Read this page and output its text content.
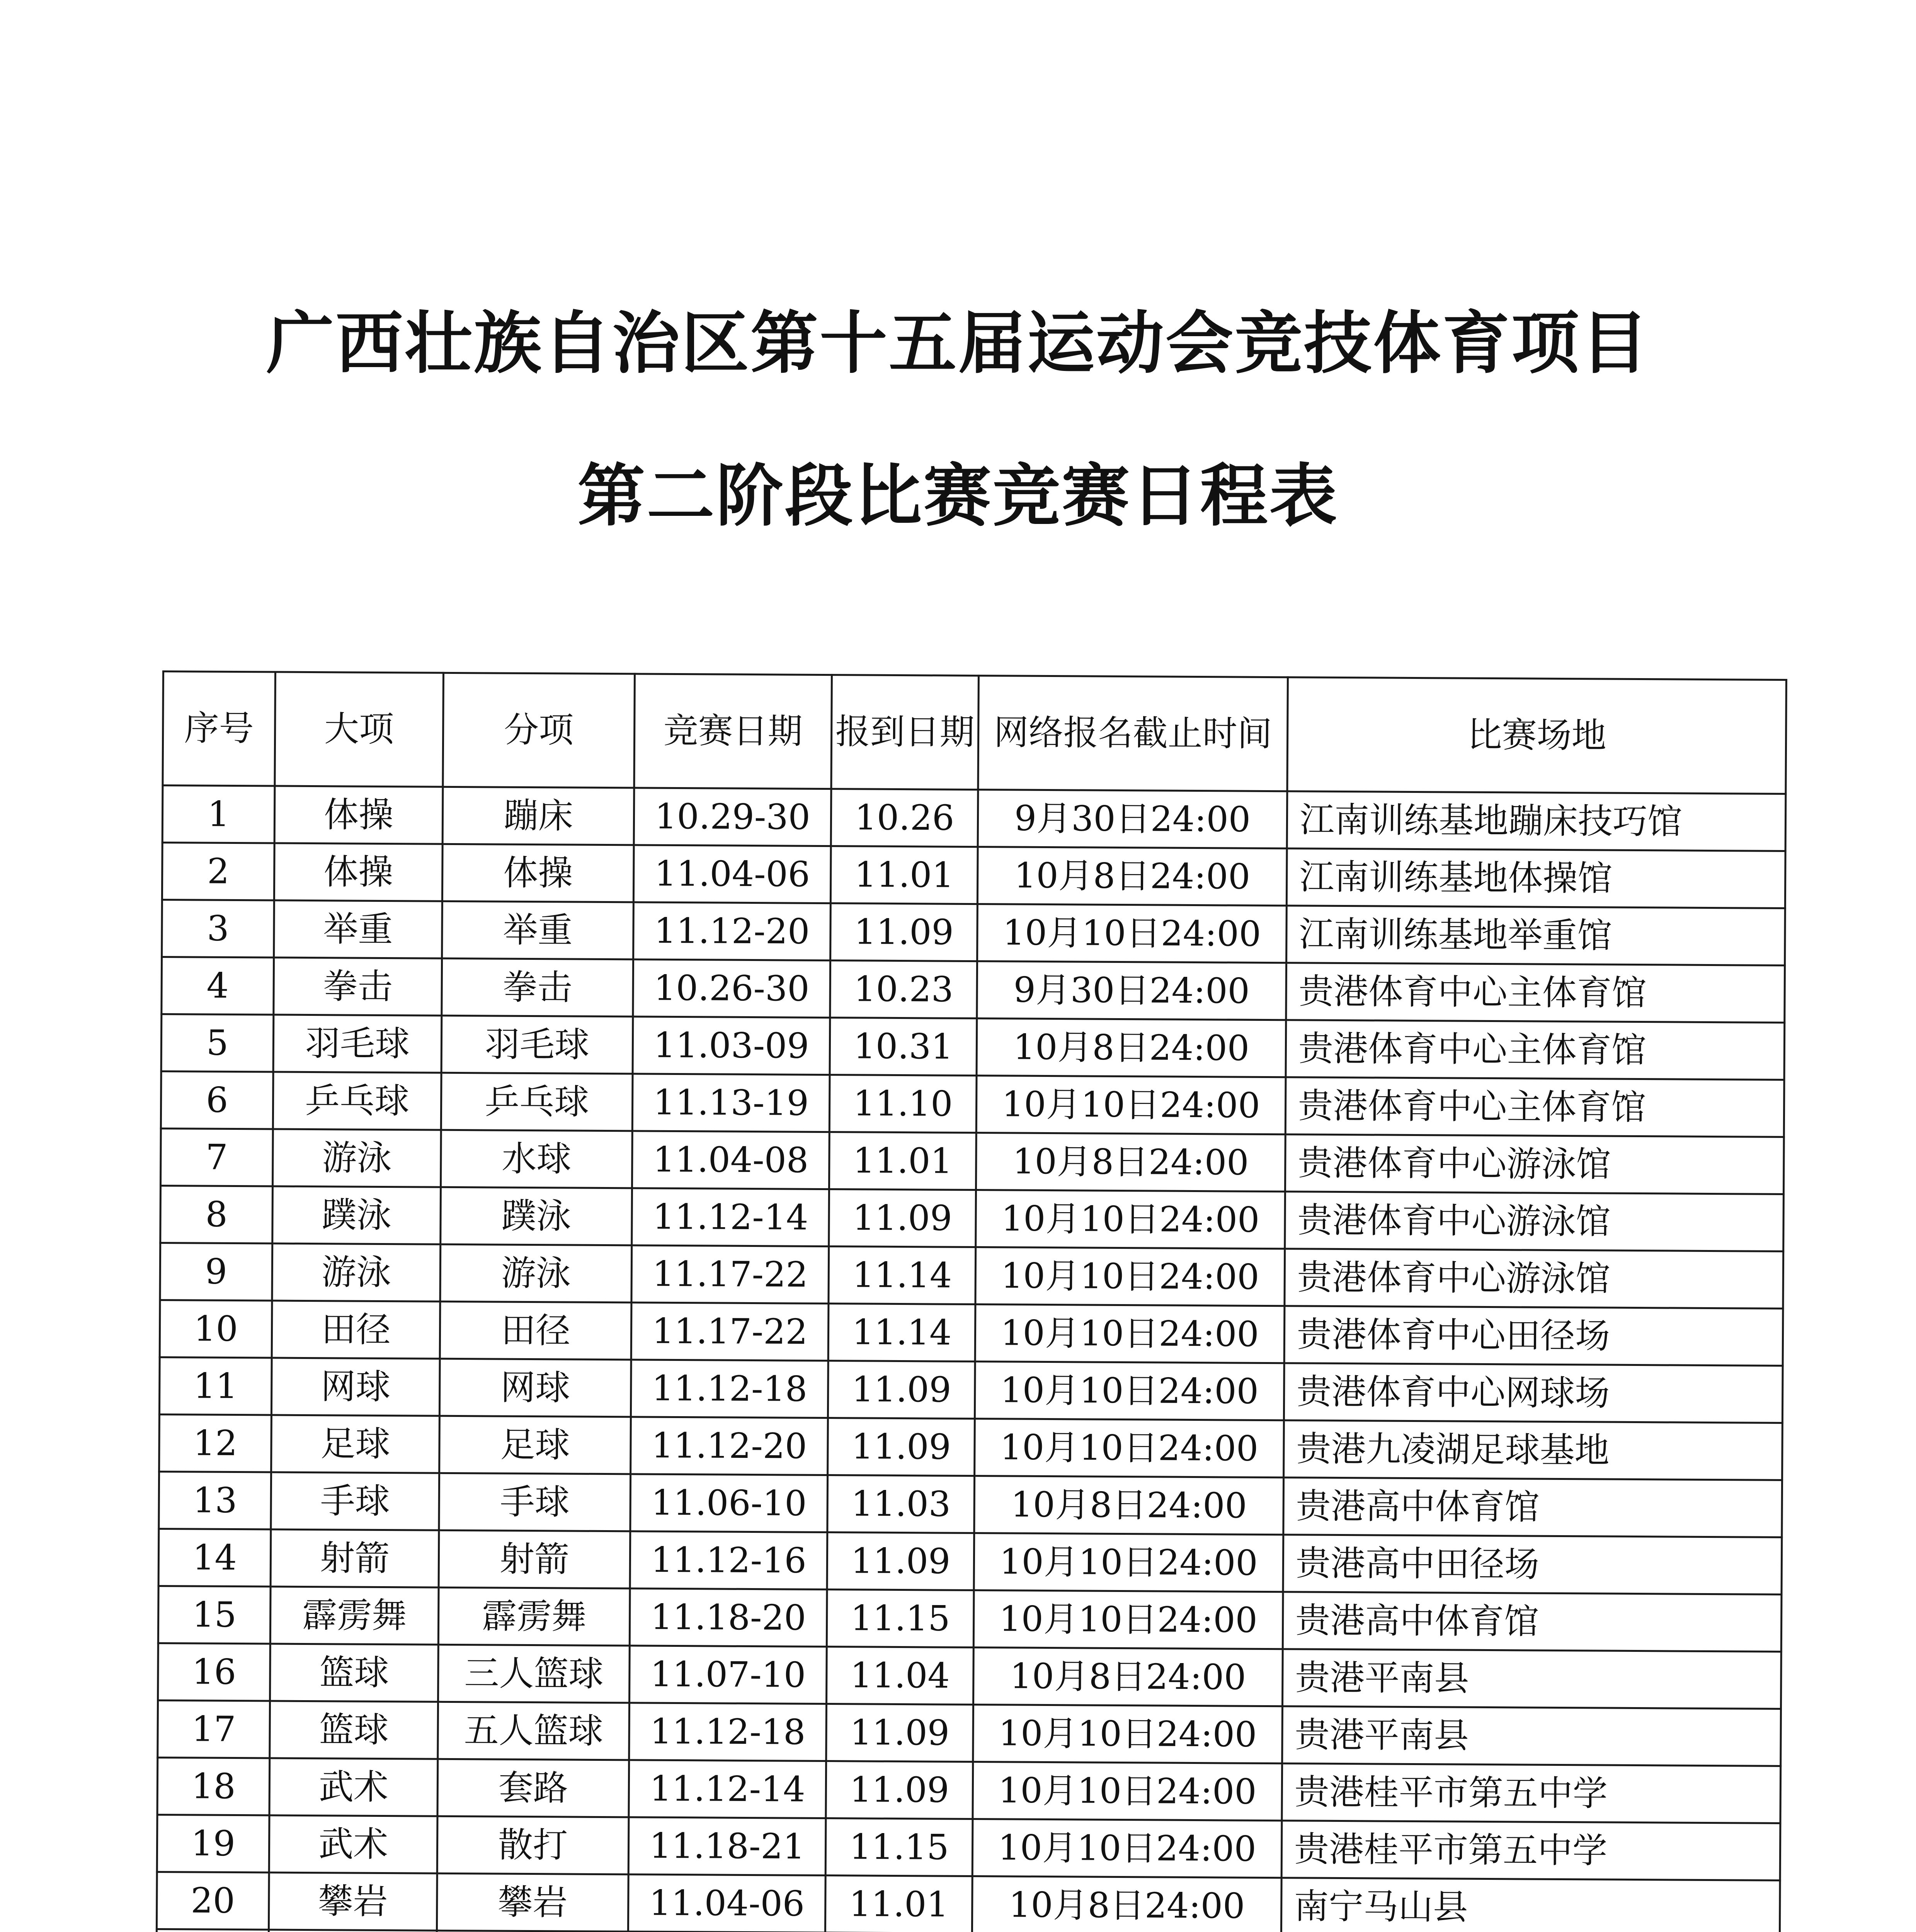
广西壮族自治区第十五届运动会竞技体育项目
第二阶段比赛竞赛日程表
序号	大项	分项	竞赛日期	报到日期	网络报名截止时间	比赛场地
1	体操	蹦床	10.29-30	10.26	9月30日24:00	江南训练基地蹦床技巧馆
2	体操	体操	11.04-06	11.01	10月8日24:00	江南训练基地体操馆
3	举重	举重	11.12-20	11.09	10月10日24:00	江南训练基地举重馆
4	拳击	拳击	10.26-30	10.23	9月30日24:00	贵港体育中心主体育馆
5	羽毛球	羽毛球	11.03-09	10.31	10月8日24:00	贵港体育中心主体育馆
6	乒乓球	乒乓球	11.13-19	11.10	10月10日24:00	贵港体育中心主体育馆
7	游泳	水球	11.04-08	11.01	10月8日24:00	贵港体育中心游泳馆
8	蹼泳	蹼泳	11.12-14	11.09	10月10日24:00	贵港体育中心游泳馆
9	游泳	游泳	11.17-22	11.14	10月10日24:00	贵港体育中心游泳馆
10	田径	田径	11.17-22	11.14	10月10日24:00	贵港体育中心田径场
11	网球	网球	11.12-18	11.09	10月10日24:00	贵港体育中心网球场
12	足球	足球	11.12-20	11.09	10月10日24:00	贵港九凌湖足球基地
13	手球	手球	11.06-10	11.03	10月8日24:00	贵港高中体育馆
14	射箭	射箭	11.12-16	11.09	10月10日24:00	贵港高中田径场
15	霹雳舞	霹雳舞	11.18-20	11.15	10月10日24:00	贵港高中体育馆
16	篮球	三人篮球	11.07-10	11.04	10月8日24:00	贵港平南县
17	篮球	五人篮球	11.12-18	11.09	10月10日24:00	贵港平南县
18	武术	套路	11.12-14	11.09	10月10日24:00	贵港桂平市第五中学
19	武术	散打	11.18-21	11.15	10月10日24:00	贵港桂平市第五中学
20	攀岩	攀岩	11.04-06	11.01	10月8日24:00	南宁马山县
